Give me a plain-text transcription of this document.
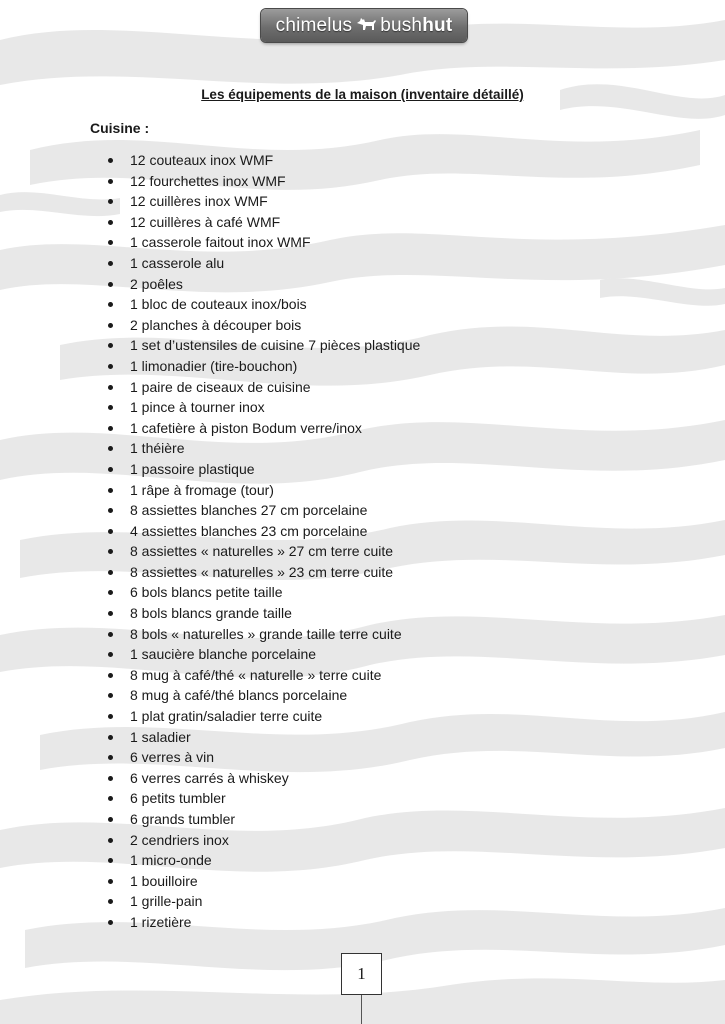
chimelus bush hut
Les équipements de la maison (inventaire détaillé)
Cuisine :
12 couteaux inox WMF
12 fourchettes inox WMF
12 cuillères inox WMF
12 cuillères à café WMF
1 casserole faitout inox WMF
1 casserole alu
2 poêles
1 bloc de couteaux inox/bois
2 planches à découper bois
1 set d’ustensiles de cuisine 7 pièces plastique
1 limonadier (tire-bouchon)
1 paire de ciseaux de cuisine
1 pince à tourner inox
1 cafetière à piston Bodum verre/inox
1 théière
1 passoire plastique
1 râpe à fromage (tour)
8 assiettes blanches 27 cm porcelaine
4 assiettes blanches 23 cm porcelaine
8 assiettes « naturelles » 27 cm terre cuite
8 assiettes « naturelles » 23 cm terre cuite
6 bols blancs petite taille
8 bols blancs grande taille
8 bols « naturelles » grande taille terre cuite
1 saucière blanche porcelaine
8 mug à café/thé « naturelle » terre cuite
8 mug à café/thé blancs porcelaine
1 plat gratin/saladier terre cuite
1 saladier
6 verres à vin
6 verres carrés à whiskey
6 petits tumbler
6 grands tumbler
2 cendriers inox
1 micro-onde
1 bouilloire
1 grille-pain
1 rizetière
1
